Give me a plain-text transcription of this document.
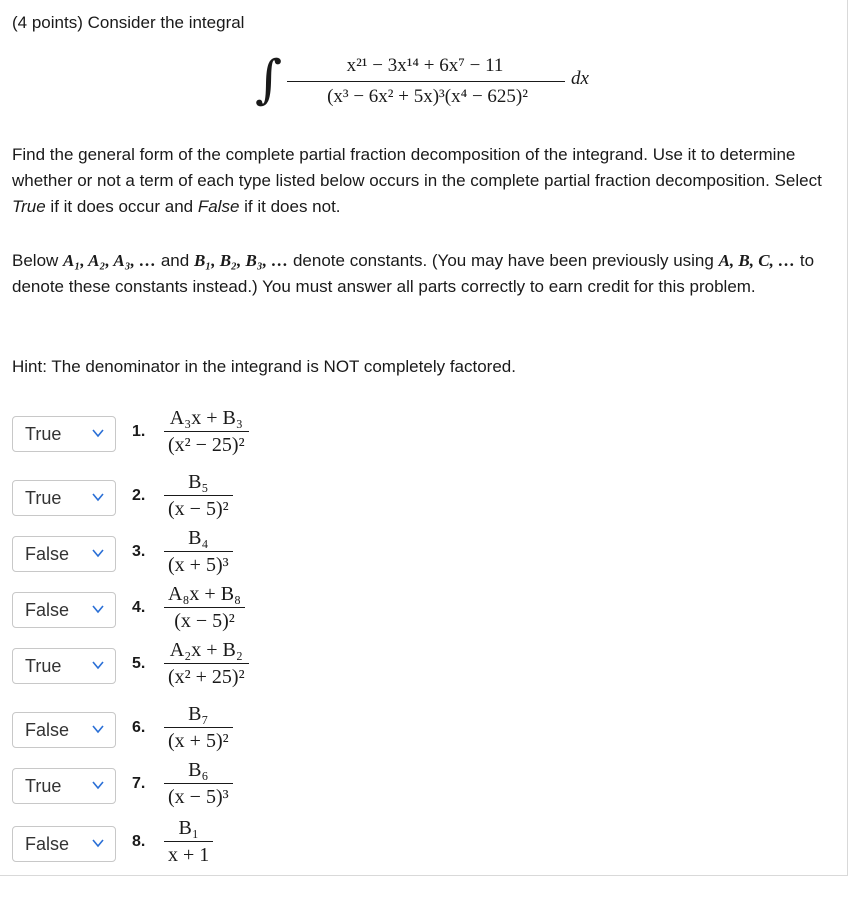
(4 points) Consider the integral
∫	x²¹ − 3x¹⁴ + 6x⁷ − 11
(x³ − 6x² + 5x)³(x⁴ − 625)²
dx
Find the general form of the complete partial fraction decomposition of the integrand. Use it to determine whether or not a term of each type listed below occurs in the complete partial fraction decomposition. Select True if it does occur and False if it does not.
Below A₁, A₂, A₃, … and B₁, B₂, B₃, … denote constants. (You may have been previously using A, B, C, … to denote these constants instead.) You must answer all parts correctly to earn credit for this problem.
Hint: The denominator in the integrand is NOT completely factored.
True	1.
A₃x + B₃
(x² − 25)²
True	2.
B₅
(x − 5)²
False	3.
B₄
(x + 5)³
False	4.
A₈x + B₈
(x − 5)²
True	5.
A₂x + B₂
(x² + 25)²
False	6.
B₇
(x + 5)²
True	7.
B₆
(x − 5)³
False	8.
B₁
x + 1
